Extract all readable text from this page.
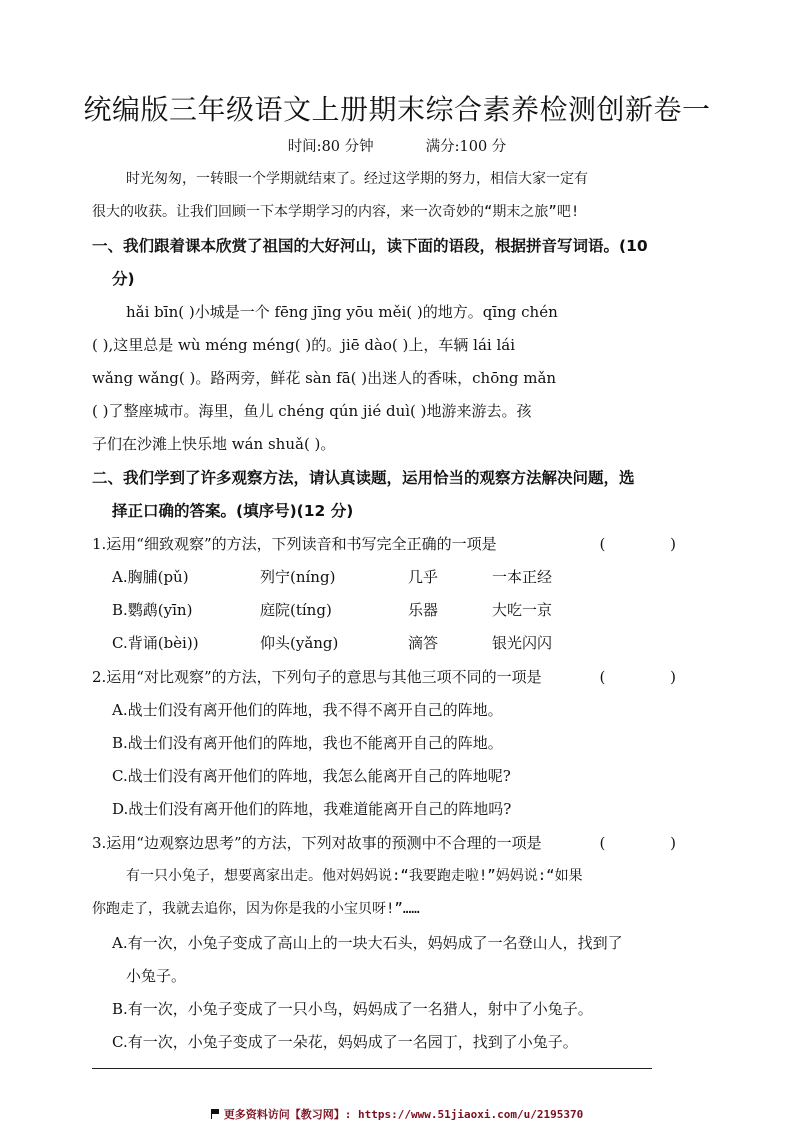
统编版三年级语文上册期末综合素养检测创新卷一
时间:80 分钟	满分:100 分
时光匆匆，一转眼一个学期就结束了。经过这学期的努力，相信大家一定有
很大的收获。让我们回顾一下本学期学习的内容，来一次奇妙的“期末之旅”吧!
一、我们跟着课本欣赏了祖国的大好河山，读下面的语段，根据拼音写词语。(10
分)
hǎi bīn( )小城是一个 fēng jīng yōu měi( )的地方。qīng chén
( ),这里总是 wù méng méng( )的。jiē dào( )上，车辆 lái lái
wǎng wǎng( )。路两旁，鲜花 sàn fā( )出迷人的香味，chōng mǎn
( )了整座城市。海里，鱼儿 chéng qún jié duì( )地游来游去。孩
子们在沙滩上快乐地 wán shuǎ( )。
二、我们学到了许多观察方法，请认真读题，运用恰当的观察方法解决问题，选
择正口确的答案。(填序号)(12 分)
1.运用“细致观察”的方法，下列读音和书写完全正确的一项是	( )
A.胸脯(pǔ)	列宁(níng)	几乎	一本正经
B.鹦鹉(yīn)	庭院(tíng)	乐器	大吃一京
C.背诵(bèi))	仰头(yǎng)	滴答	银光闪闪
2.运用“对比观察”的方法，下列句子的意思与其他三项不同的一项是	( )
A.战士们没有离开他们的阵地，我不得不离开自己的阵地。
B.战士们没有离开他们的阵地，我也不能离开自己的阵地。
C.战士们没有离开他们的阵地，我怎么能离开自己的阵地呢?
D.战士们没有离开他们的阵地，我难道能离开自己的阵地吗?
3.运用“边观察边思考”的方法，下列对故事的预测中不合理的一项是	( )
有一只小兔子，想要离家出走。他对妈妈说:“我要跑走啦!”妈妈说:“如果
你跑走了，我就去追你，因为你是我的小宝贝呀!”……
A.有一次，小兔子变成了高山上的一块大石头，妈妈成了一名登山人，找到了
小兔子。
B.有一次，小兔子变成了一只小鸟，妈妈成了一名猎人，射中了小兔子。
C.有一次，小兔子变成了一朵花，妈妈成了一名园丁，找到了小兔子。
更多资料访问【教习网】: https://www.51jiaoxi.com/u/2195370
